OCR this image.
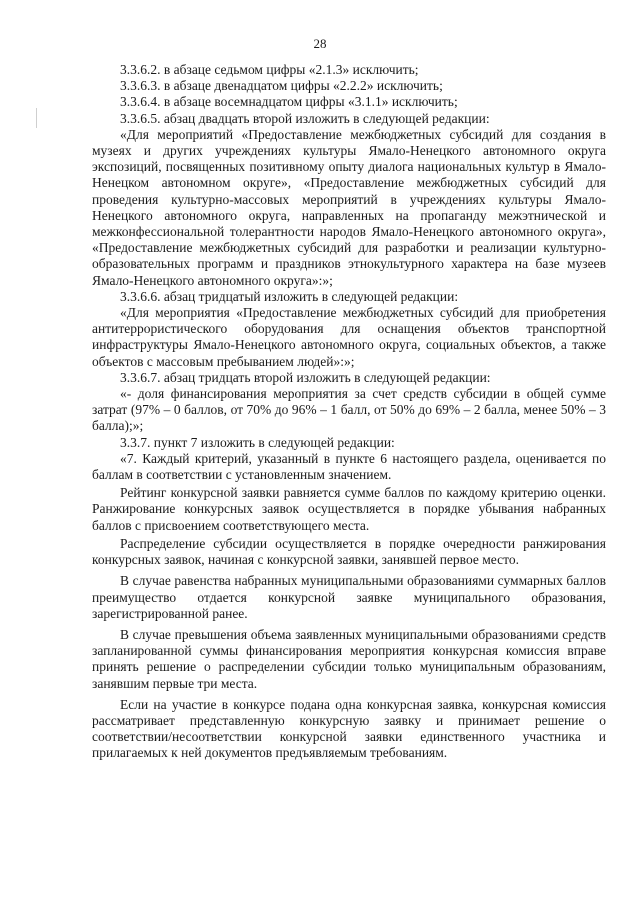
28

3.3.6.2. в абзаце седьмом цифры «2.1.3» исключить;

3.3.6.3. в абзаце двенадцатом цифры «2.2.2» исключить;

3.3.6.4. в абзаце восемнадцатом цифры «3.1.1» исключить;

3.3.6.5. абзац двадцать второй изложить в следующей редакции:

«Для мероприятий «Предоставление межбюджетных субсидий для создания в музеях и других учреждениях культуры Ямало-Ненецкого автономного округа экспозиций, посвященных позитивному опыту диалога национальных культур в Ямало-Ненецком автономном округе», «Предоставление межбюджетных субсидий для проведения культурно-массовых мероприятий в учреждениях культуры Ямало-Ненецкого автономного округа, направленных на пропаганду межэтнической и межконфессиональной толерантности народов Ямало-Ненецкого автономного округа», «Предоставление межбюджетных субсидий для разработки и реализации культурно-образовательных программ и праздников этнокультурного характера на базе музеев Ямало-Ненецкого автономного округа»:»;

3.3.6.6. абзац тридцатый изложить в следующей редакции:

«Для мероприятия «Предоставление межбюджетных субсидий для приобретения антитеррористического оборудования для оснащения объектов транспортной инфраструктуры Ямало-Ненецкого автономного округа, социальных объектов, а также объектов с массовым пребыванием людей»:»;

3.3.6.7. абзац тридцать второй изложить в следующей редакции:

«- доля финансирования мероприятия за счет средств субсидии в общей сумме затрат (97% – 0 баллов, от 70% до 96% – 1 балл, от 50% до 69% – 2 балла, менее 50% – 3 балла);»;

3.3.7. пункт 7 изложить в следующей редакции:

«7. Каждый критерий, указанный в пункте 6 настоящего раздела, оценивается по баллам в соответствии с установленным значением.

Рейтинг конкурсной заявки равняется сумме баллов по каждому критерию оценки. Ранжирование конкурсных заявок осуществляется в порядке убывания набранных баллов с присвоением соответствующего места.

Распределение субсидии осуществляется в порядке очередности ранжирования конкурсных заявок, начиная с конкурсной заявки, занявшей первое место.

В случае равенства набранных муниципальными образованиями суммарных баллов преимущество отдается конкурсной заявке муниципального образования, зарегистрированной ранее.

В случае превышения объема заявленных муниципальными образованиями средств запланированной суммы финансирования мероприятия конкурсная комиссия вправе принять решение о распределении субсидии только муниципальным образованиям, занявшим первые три места.

Если на участие в конкурсе подана одна конкурсная заявка, конкурсная комиссия рассматривает представленную конкурсную заявку и принимает решение о соответствии/несоответствии конкурсной заявки единственного участника и прилагаемых к ней документов предъявляемым требованиям.
